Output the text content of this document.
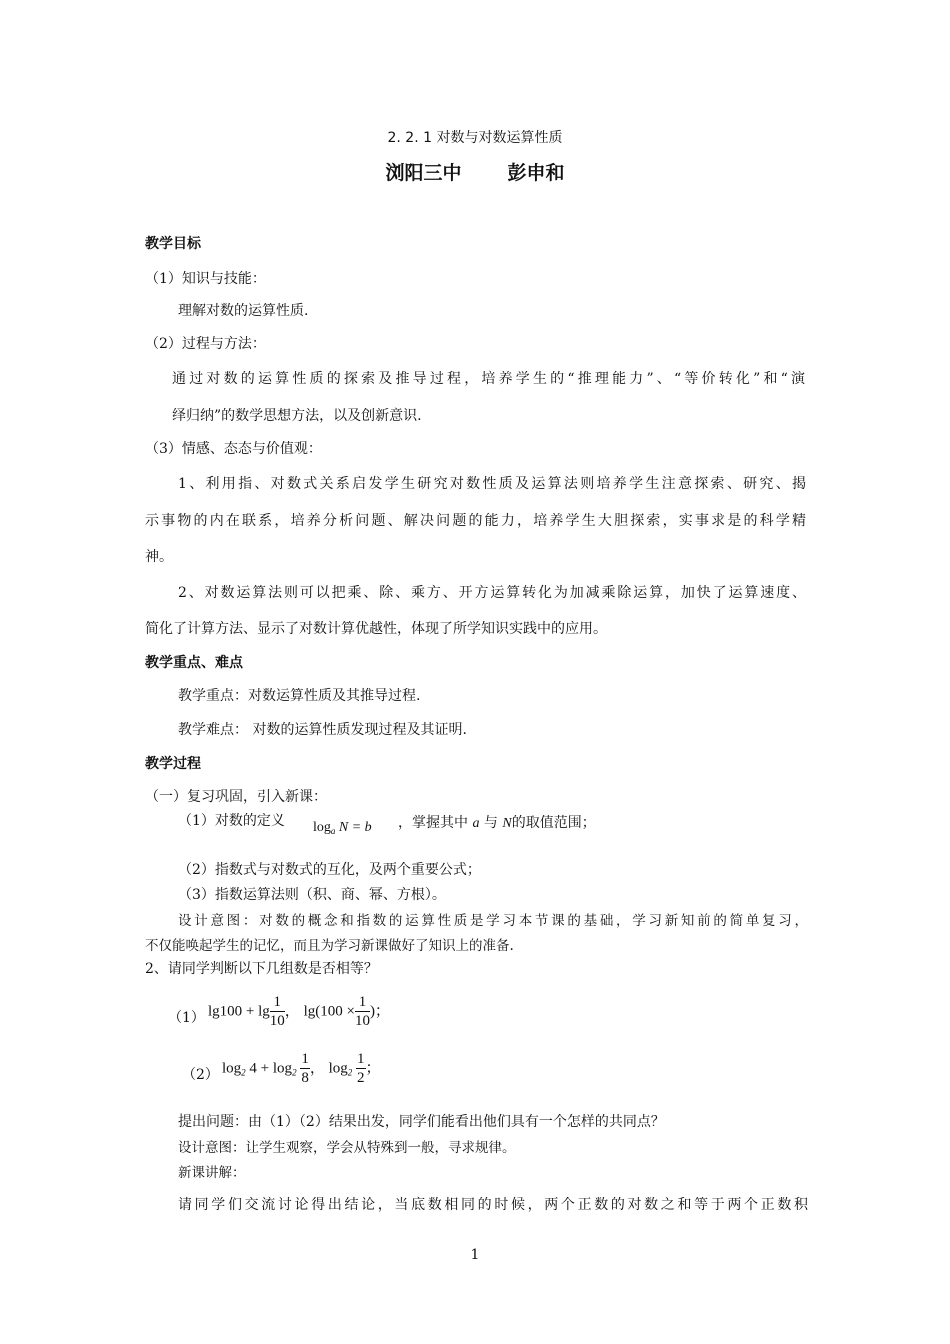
2. 2. 1 对数与对数运算性质
浏阳三中 彭申和
教学目标
（1）知识与技能：
理解对数的运算性质.
（2）过程与方法：
通过对数的运算性质的探索及推导过程，培养学生的“推理能力”、“等价转化”和“演
绎归纳”的数学思想方法，以及创新意识.
（3）情感、态态与价值观：
1、利用指、对数式关系启发学生研究对数性质及运算法则培养学生注意探索、研究、揭
示事物的内在联系，培养分析问题、解决问题的能力，培养学生大胆探索，实事求是的科学精
神。
2、对数运算法则可以把乘、除、乘方、开方运算转化为加减乘除运算，加快了运算速度、
简化了计算方法、显示了对数计算优越性，体现了所学知识实践中的应用。
教学重点、难点
教学重点：对数运算性质及其推导过程.
教学难点： 对数的运算性质发现过程及其证明.
教学过程
（一）复习巩固，引入新课：
（1）对数的定义 $\log_a N = b$ ，掌握其中 a 与 N的取值范围；
（2）指数式与对数式的互化，及两个重要公式；
（3）指数运算法则（积、商、幂、方根）。
设计意图：对数的概念和指数的运算性质是学习本节课的基础，学习新知前的简单复习，
不仅能唤起学生的记忆，而且为学习新课做好了知识上的准备.
2、请同学判断以下几组数是否相等？
（1） $\lg 100 + \lg \frac{1}{10}$ ， $\lg(100 \times \frac{1}{10}$ )；
（2） $\log_2 4 + \log_2 \frac{1}{8}$ ， $\log_2 \frac{1}{2}$ ；
提出问题：由（1）（2）结果出发，同学们能看出他们具有一个怎样的共同点？
设计意图：让学生观察，学会从特殊到一般，寻求规律。
新课讲解：
请同学们交流讨论得出结论，当底数相同的时候，两个正数的对数之和等于两个正数积
1
